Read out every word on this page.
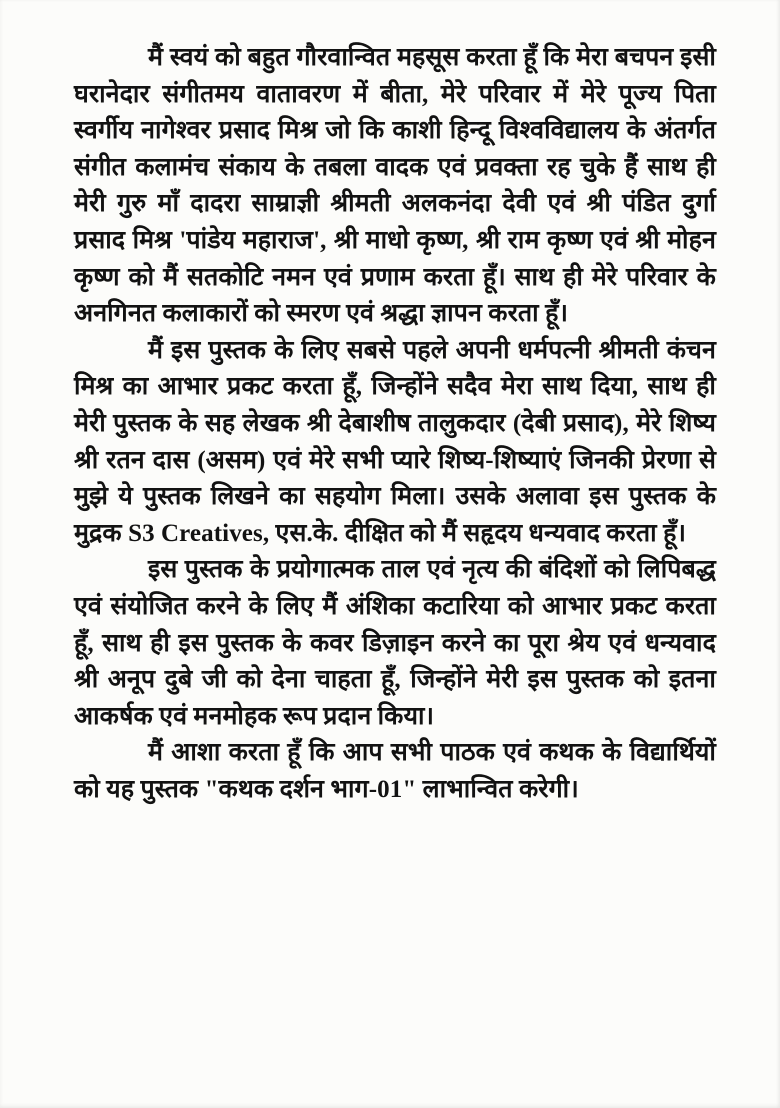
मैं स्वयं को बहुत गौरवान्वित महसूस करता हूँ कि मेरा बचपन इसी घरानेदार संगीतमय वातावरण में बीता, मेरे परिवार में मेरे पूज्य पिता स्वर्गीय नागेश्वर प्रसाद मिश्र जो कि काशी हिन्दू विश्वविद्यालय के अंतर्गत संगीत कलामंच संकाय के तबला वादक एवं प्रवक्ता रह चुके हैं साथ ही मेरी गुरु माँ दादरा साम्राज्ञी श्रीमती अलकनंदा देवी एवं श्री पंडित दुर्गा प्रसाद मिश्र 'पांडेय महाराज', श्री माधो कृष्ण, श्री राम कृष्ण एवं श्री मोहन कृष्ण को मैं सतकोटि नमन एवं प्रणाम करता हूँ। साथ ही मेरे परिवार के अनगिनत कलाकारों को स्मरण एवं श्रद्धा ज्ञापन करता हूँ।

मैं इस पुस्तक के लिए सबसे पहले अपनी धर्मपत्नी श्रीमती कंचन मिश्र का आभार प्रकट करता हूँ, जिन्होंने सदैव मेरा साथ दिया, साथ ही मेरी पुस्तक के सह लेखक श्री देबाशीष तालुकदार (देबी प्रसाद), मेरे शिष्य श्री रतन दास (असम) एवं मेरे सभी प्यारे शिष्य-शिष्याएं जिनकी प्रेरणा से मुझे ये पुस्तक लिखने का सहयोग मिला। उसके अलावा इस पुस्तक के मुद्रक S3 Creatives, एस.के. दीक्षित को मैं सहृदय धन्यवाद करता हूँ।

इस पुस्तक के प्रयोगात्मक ताल एवं नृत्य की बंदिशों को लिपिबद्ध एवं संयोजित करने के लिए मैं अंशिका कटारिया को आभार प्रकट करता हूँ, साथ ही इस पुस्तक के कवर डिज़ाइन करने का पूरा श्रेय एवं धन्यवाद श्री अनूप दुबे जी को देना चाहता हूँ, जिन्होंने मेरी इस पुस्तक को इतना आकर्षक एवं मनमोहक रूप प्रदान किया।

मैं आशा करता हूँ कि आप सभी पाठक एवं कथक के विद्यार्थियों को यह पुस्तक "कथक दर्शन भाग-01" लाभान्वित करेगी।
